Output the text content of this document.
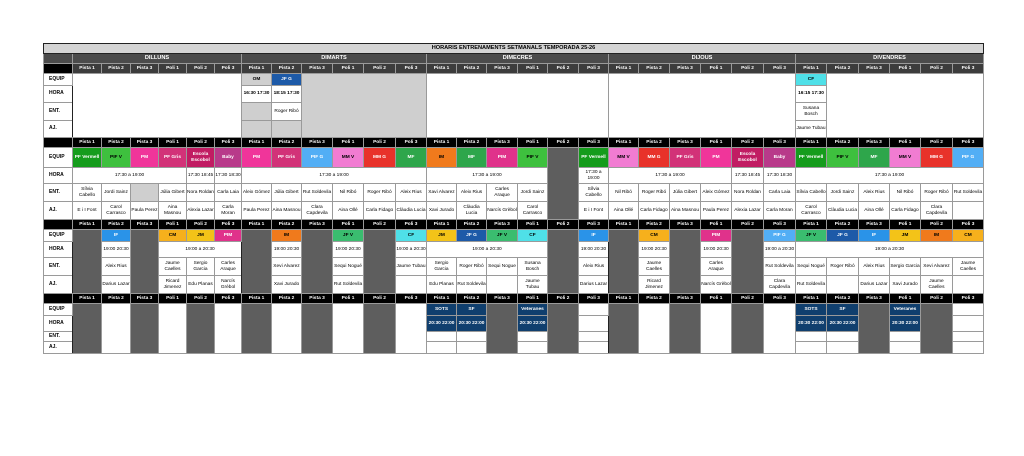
HORARIS ENTRENAMENTS SETMANALS TEMPORADA 25-26																														
	DILLUNS						DIMARTS						DIMECRES						DIJOUS						DIVENDRES					
	Pista 1	Pista 2	Pista 3	Poli 1	Poli 2	Poli 3	Pista 1	Pista 2	Pista 3	Poli 1	Poli 2	Poli 3	Pista 1	Pista 2	Pista 3	Poli 1	Poli 2	Poli 3	Pista 1	Pista 2	Pista 3	Poli 1	Poli 2	Poli 3	Pista 1	Pista 2	Pista 3	Poli 1	Poli 2	Poli 3
EQUIP							OM	JF G																	CF					
HORA							16:30 17:30	18:15 17:30																	16:15 17:30					
ENT.								Roger Ribó																	Susana Bosch					
AJ.																									Jaume Tubau					
	Pista 1	Pista 2	Pista 3	Poli 1	Poli 2	Poli 3	Pista 1	Pista 2	Pista 3	Poli 1	Poli 2	Poli 3	Pista 1	Pista 2	Pista 3	Poli 1	Poli 2	Poli 3	Pista 1	Pista 2	Pista 3	Poli 1	Poli 2	Poli 3	Pista 1	Pista 2	Pista 3	Poli 1	Poli 2	Poli 3
EQUIP	PF Vermell	PIF V	PM	PF Gris	Escola Escobol	Baby	PM	PF Gris	PIF G	MM V	MM G	MF	IM	MF	PIM	PIF V		PF Vermell	MM V	MM G	PF Gris	PM	Escola Escobol	Baby	PF Vermell	PIF V	MF	MM V	MM G	PIF G
HORA	17:30 a 19:00				17:30 18:45	17:30 18:30	17:30 a 19:00						17:30 a 19:00					17:30 a 19:00	17:30 a 19:00				17:30 18:45	17:30 18:30	17:30 a 19:00					
ENT.	Sílvia Cabello	Jordi Sainz		Júlia Gibert	Nora Roldan	Carla Laia	Aleix Gómez	Júlia Gibert	Rut Soldevila	Nil Ribó	Roger Ribó	Aleix Rius	Xavi Alvarez	Aleix Rius	Carles Araque	Jordi Sainz		Sílvia Cabello	Nil Ribó	Roger Ribó	Júlia Gibert	Aleix Gómez	Nora Roldan	Carla Laia	Sílvia Cabello	Jordi Sainz	Aleix Rius	Nil Ribó	Roger Ribó	Rut Soldevila
AJ.	E i I Font	Carol Carrasco	Paula Perez	Aina Masnou	Alexia Lazar	Carla Moran	Paula Perez	Aina Masnou	Clara Capdevila	Aina Ollé	Carla Fidago	Clàudia Lucia	Xavi Jurado	Clàudia Lucia	Narcís Grèbol	Carol Carrasco		E i I Font	Aina Ollé	Carla Fidago	Aina Masnou	Paula Perez	Alexia Lazar	Carla Moran	Carol Carrasco	Clàudia Lucia	Aina Ollé	Carla Fidago	Clara Capdevila	
	Pista 1	Pista 2	Pista 3	Poli 1	Poli 2	Poli 3	Pista 1	Pista 2	Pista 3	Poli 1	Poli 2	Poli 3	Pista 1	Pista 2	Pista 3	Poli 1	Poli 2	Poli 3	Pista 1	Pista 2	Pista 3	Poli 1	Poli 2	Poli 3	Pista 1	Pista 2	Pista 3	Poli 1	Poli 2	Poli 3
EQUIP		IF		CM	JM	PIM		IM		JF V		CF	JM	JF G	JF V	CF		IF		CM		PIM		PIF G	JF V	JF G	IF	JM	IM	CM
HORA		19:00 20:30		19:00 a 20:30				19:00 20:30		19:00 20:30		19:00 a 20:30	19:00 a 20:30					19:00 20:30		19:00 20:30		19:00 20:30		19:00 a 20:30	19:00 a 20:30					
ENT.		Aleix Rius		Jaume Caelles	Sergio Garcia	Carles Araque		Xevi Alvarez		Sequi Nogué		Jaume Tubau	Sergio Garcia	Roger Ribó	Sequi Nogue	Susana Bosch		Aleix Rius		Jaume Caelles		Carles Araque		Rut Soldevila	Sequi Nogué	Roger Ribó	Aleix Rius	Sergio Garcia	Xevi Alvarez	Jaume Caelles
AJ.		Darius Lazar		Ricard Jimenez	Edu Planas	Narcís Grèbol		Xavi Jurado		Rut Soldevila			Edu Planas	Rut Soldevila		Jaume Tubau		Darius Lazar		Ricard Jimenez		Narcís Grèbol		Clara Capdevila	Rut Soldevila		Darius Lazar	Xavi Jurado	Jaume Caelles	
	Pista 1	Pista 2	Pista 3	Poli 1	Poli 2	Poli 3	Pista 1	Pista 2	Pista 3	Poli 1	Poli 2	Poli 3	Pista 1	Pista 2	Pista 3	Poli 1	Poli 2	Poli 3	Pista 1	Pista 2	Pista 3	Poli 1	Poli 2	Poli 3	Pista 1	Pista 2	Pista 3	Poli 1	Poli 2	Poli 3
EQUIP													SOTS	SF		Veteranes									SOTS	SF		Veteranes		
HORA													20:30 22:00	20:30 22:00		20:30 22:00									20:30 22:00	20:30 22:00		20:30 22:00		
ENT.																														
AJ.																														
